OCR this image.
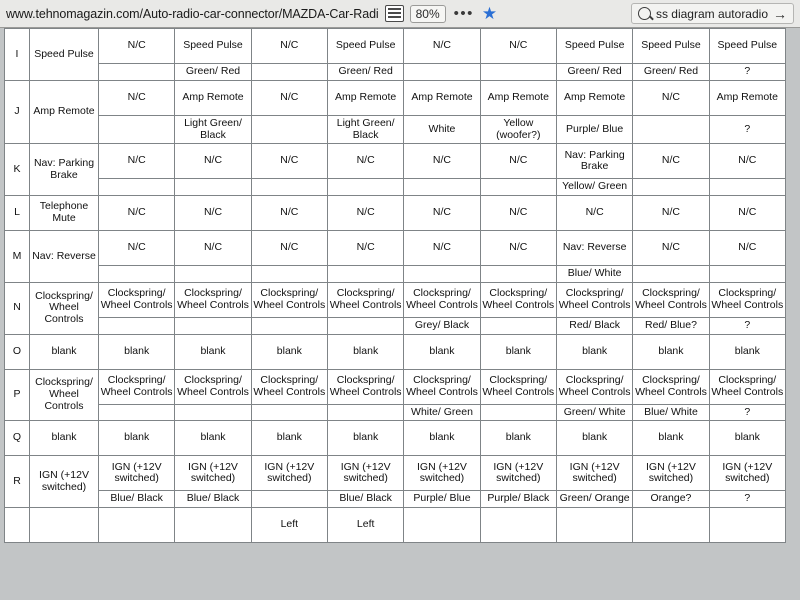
www.tehnomagazin.com/Auto-radio-car-connector/MAZDA-Car-Radi	80% ••• ★	ss diagram autoradio →
I	Speed Pulse	N/C	Speed Pulse	N/C	Speed Pulse	N/C	N/C	Speed Pulse	Speed Pulse	Speed Pulse
			Green/ Red		Green/ Red			Green/ Red	Green/ Red	?
J	Amp Remote	N/C	Amp Remote	N/C	Amp Remote	Amp Remote	Amp Remote	Amp Remote	N/C	Amp Remote
			Light Green/ Black		Light Green/ Black	White	Yellow (woofer?)	Purple/ Blue		?
K	Nav: Parking Brake	N/C	N/C	N/C	N/C	N/C	N/C	Nav: Parking Brake	N/C	N/C
								Yellow/ Green		
L	Telephone Mute	N/C	N/C	N/C	N/C	N/C	N/C	N/C	N/C	N/C
M	Nav: Reverse	N/C	N/C	N/C	N/C	N/C	N/C	Nav: Reverse	N/C	N/C
								Blue/ White		
N	Clockspring/ Wheel Controls	Clockspring/ Wheel Controls	Clockspring/ Wheel Controls	Clockspring/ Wheel Controls	Clockspring/ Wheel Controls	Clockspring/ Wheel Controls	Clockspring/ Wheel Controls	Clockspring/ Wheel Controls	Clockspring/ Wheel Controls	Clockspring/ Wheel Controls
						Grey/ Black		Red/ Black	Red/ Blue?	?
O	blank	blank	blank	blank	blank	blank	blank	blank	blank	blank
P	Clockspring/ Wheel Controls	Clockspring/ Wheel Controls	Clockspring/ Wheel Controls	Clockspring/ Wheel Controls	Clockspring/ Wheel Controls	Clockspring/ Wheel Controls	Clockspring/ Wheel Controls	Clockspring/ Wheel Controls	Clockspring/ Wheel Controls	Clockspring/ Wheel Controls
						White/ Green		Green/ White	Blue/ White	?
Q	blank	blank	blank	blank	blank	blank	blank	blank	blank	blank
R	IGN (+12V switched)	IGN (+12V switched)	IGN (+12V switched)	IGN (+12V switched)	IGN (+12V switched)	IGN (+12V switched)	IGN (+12V switched)	IGN (+12V switched)	IGN (+12V switched)	IGN (+12V switched)
		Blue/ Black	Blue/ Black		Blue/ Black	Purple/ Blue	Purple/ Black	Green/ Orange	Orange?	?
				Left	Left					
